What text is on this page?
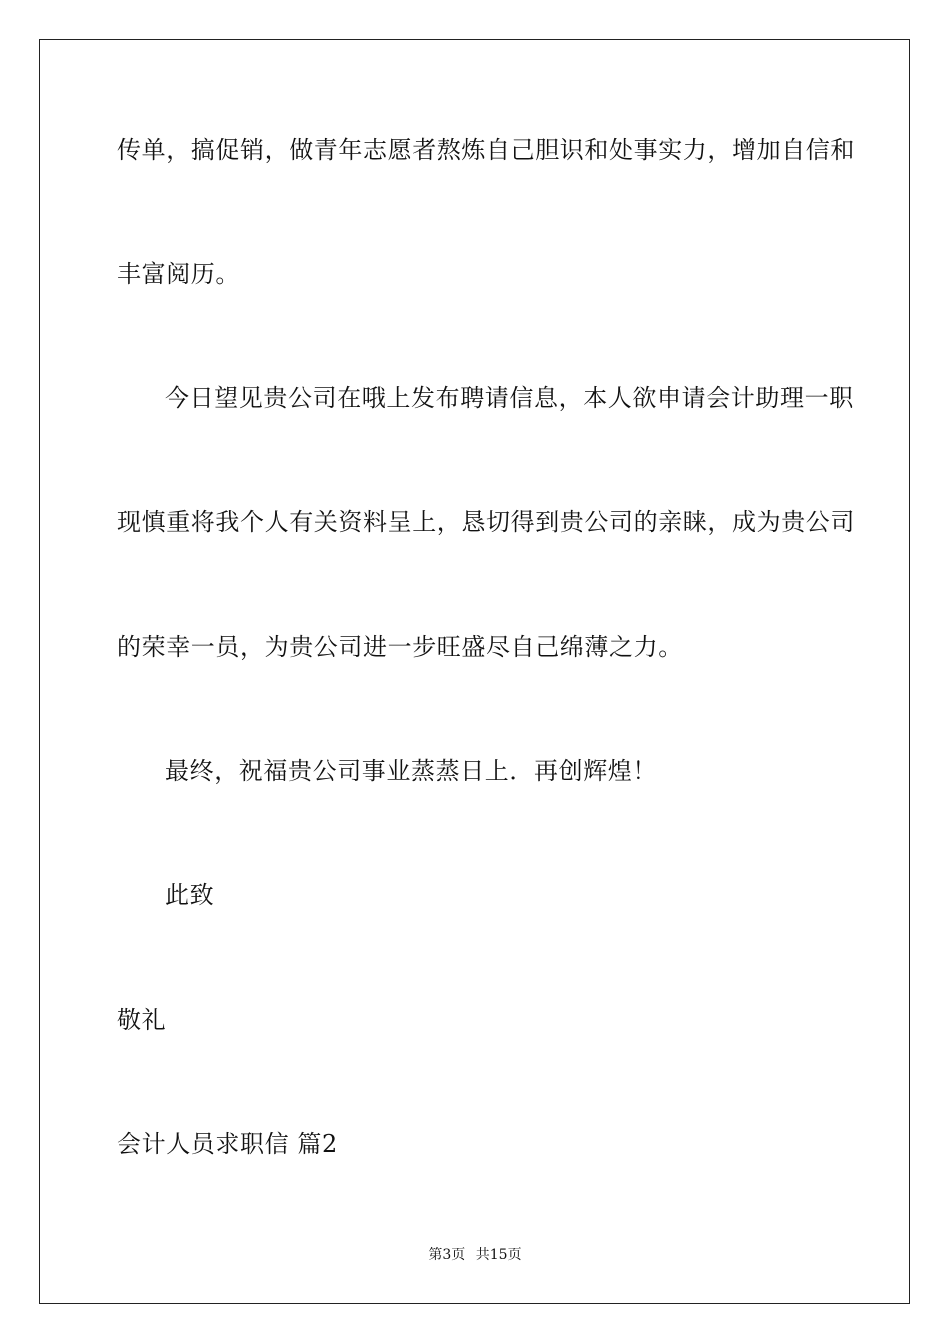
传单，搞促销，做青年志愿者熬炼自己胆识和处事实力，增加自信和
丰富阅历。
今日望见贵公司在哦上发布聘请信息，本人欲申请会计助理一职
现慎重将我个人有关资料呈上，恳切得到贵公司的亲睐，成为贵公司
的荣幸一员，为贵公司进一步旺盛尽自己绵薄之力。
最终，祝福贵公司事业蒸蒸日上．再创辉煌！
此致
敬礼
会计人员求职信 篇2
第3页 共15页
